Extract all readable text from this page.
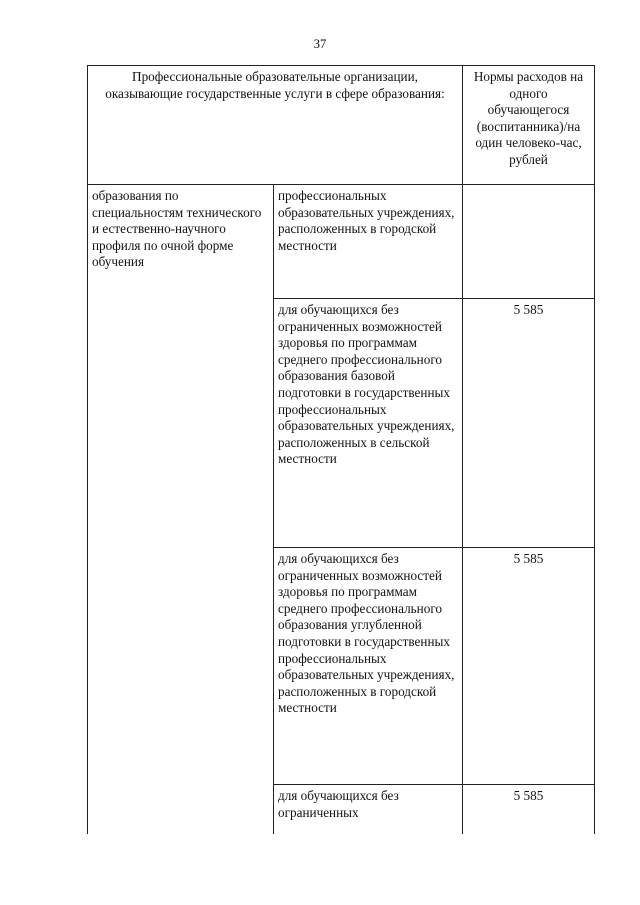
37
Профессиональные образовательные организации, оказывающие государственные услуги в сфере образования:		Нормы расходов на одного обучающегося (воспитанника)/на один человеко-час, рублей

образования по специальностям технического и естественно-научного профиля по очной форме обучения	профессиональных образовательных учреждениях, расположенных в городской местности	

	для обучающихся без ограниченных возможностей здоровья по программам среднего профессионального образования базовой подготовки в государственных профессиональных образовательных учреждениях, расположенных в сельской местности	5 585

	для обучающихся без ограниченных возможностей здоровья по программам среднего профессионального образования углубленной подготовки в государственных профессиональных образовательных учреждениях, расположенных в городской местности	5 585

	для обучающихся без ограниченных	5 585
